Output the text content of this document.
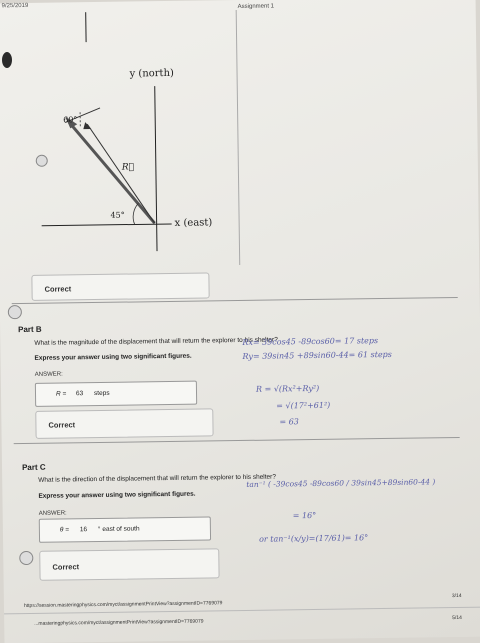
9/25/2019	Assignment 1
y (north)
x (east)
R⃗
60°
45°
Correct
Part B
What is the magnitude of the displacement that will return the explorer to his shelter?
Express your answer using two significant figures.
ANSWER:
R = 63 steps
Correct
Rx= 39cos45 -89cos60= 17 steps
Ry= 39sin45 +89sin60-44= 61 steps
R = √(Rx²+Ry²)
= √(17²+61²)
= 63
Part C
What is the direction of the displacement that will return the explorer to his shelter?
Express your answer using two significant figures.
ANSWER:
θ = 16 ° east of south
Correct
tan⁻¹ ( -39cos45 -89cos60 / 39sin45+89sin60-44 )
= 16°
or tan⁻¹(x/y)=(17/61)= 16°
https://session.masteringphysics.com/myct/assignmentPrintView?assignmentID=7769079
3/14
...masteringphysics.com/myct/assignmentPrintView?assignmentID=7769079
5/14
